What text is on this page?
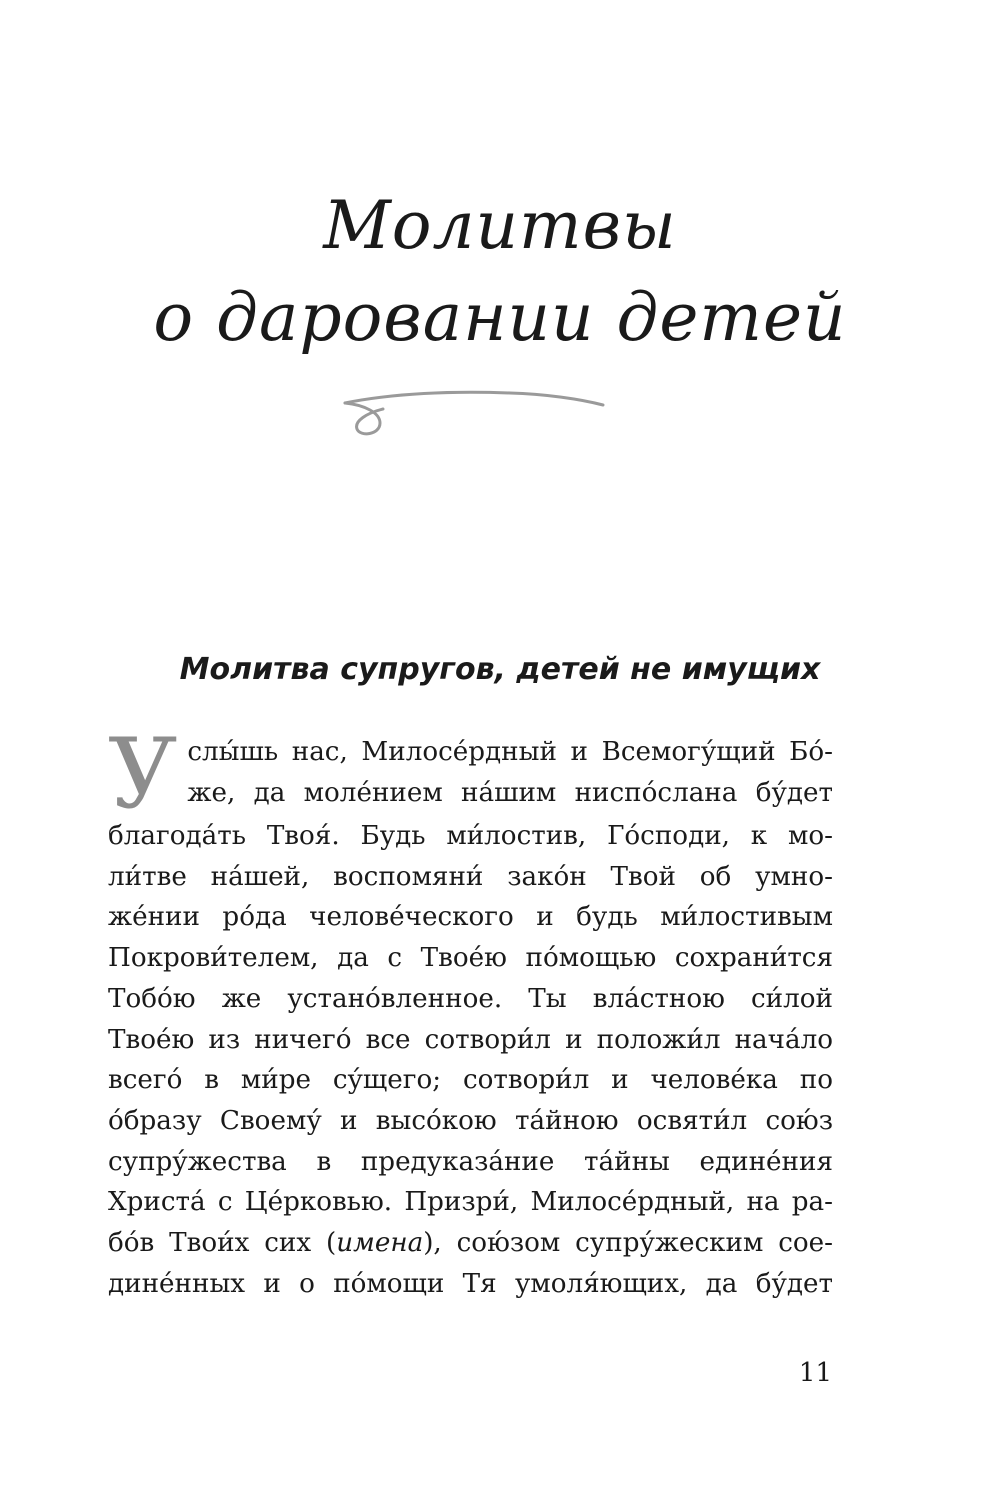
Молитвы
о даровании детей
Молитва супругов, детей не имущих
У слы́шь нас, Милосе́рдный и Всемогу́щий Бо́-
же, да моле́нием на́шим ниспо́слана бу́дет
благода́ть Твоя́. Будь ми́лостив, Го́споди, к мо-
ли́тве на́шей, воспомяни́ зако́н Твой об умно-
же́нии ро́да челове́ческого и будь ми́лостивым
Покрови́телем, да с Твое́ю по́мощью сохрани́тся
Тобо́ю же устано́вленное. Ты вла́стною си́лой
Твое́ю из ничего́ все сотвори́л и положи́л нача́ло
всего́ в ми́ре су́щего; сотвори́л и челове́ка по
о́бразу Своему́ и высо́кою та́йною освяти́л сою́з
супру́жества в предуказа́ние та́йны едине́ния
Христа́ с Це́рковью. Призри́, Милосе́рдный, на ра-
бо́в Твои́х сих (имена), сою́зом супру́жеским сое-
дине́нных и о по́мощи Тя умоля́ющих, да бу́дет
11
